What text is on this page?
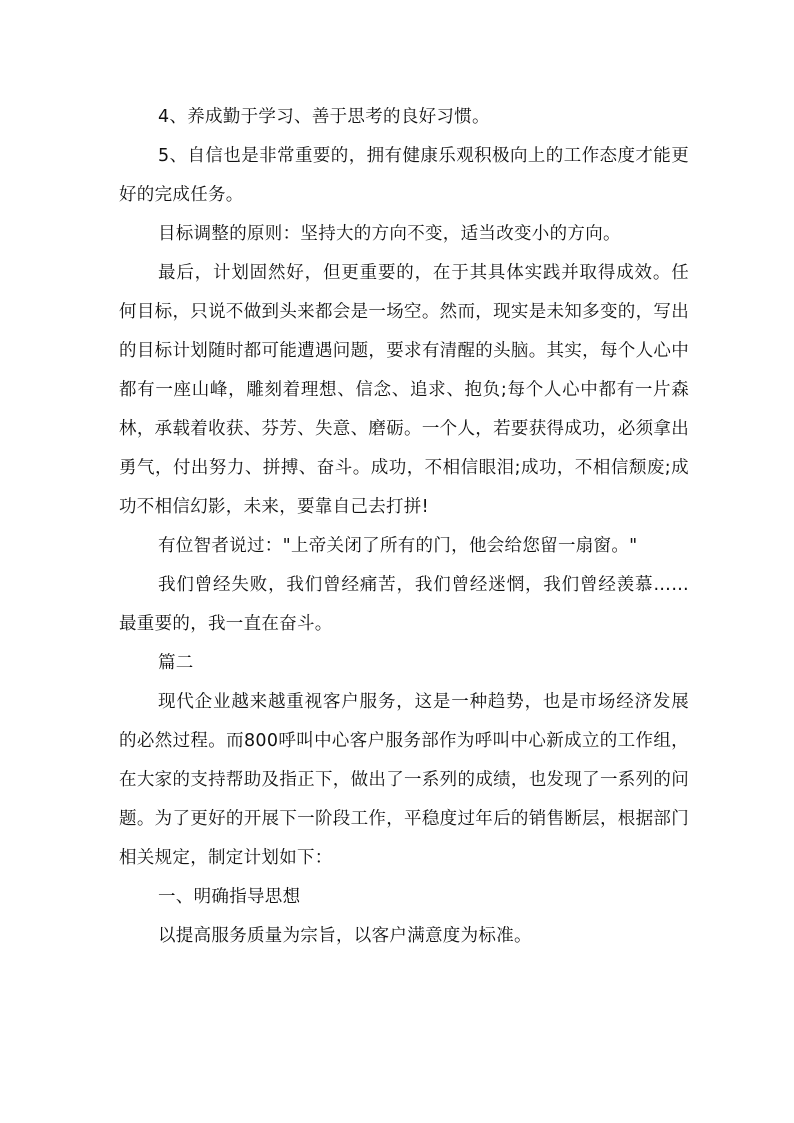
4、养成勤于学习、善于思考的良好习惯。

5、自信也是非常重要的，拥有健康乐观积极向上的工作态度才能更好的完成任务。

目标调整的原则：坚持大的方向不变，适当改变小的方向。

最后，计划固然好，但更重要的，在于其具体实践并取得成效。任何目标，只说不做到头来都会是一场空。然而，现实是未知多变的，写出的目标计划随时都可能遭遇问题，要求有清醒的头脑。其实，每个人心中都有一座山峰，雕刻着理想、信念、追求、抱负;每个人心中都有一片森林，承载着收获、芬芳、失意、磨砺。一个人，若要获得成功，必须拿出勇气，付出努力、拼搏、奋斗。成功，不相信眼泪;成功，不相信颓废;成功不相信幻影，未来，要靠自己去打拼!

有位智者说过："上帝关闭了所有的门，他会给您留一扇窗。"

我们曾经失败，我们曾经痛苦，我们曾经迷惘，我们曾经羡慕……最重要的，我一直在奋斗。

篇二

现代企业越来越重视客户服务，这是一种趋势，也是市场经济发展的必然过程。而800呼叫中心客户服务部作为呼叫中心新成立的工作组，在大家的支持帮助及指正下，做出了一系列的成绩，也发现了一系列的问题。为了更好的开展下一阶段工作，平稳度过年后的销售断层，根据部门相关规定，制定计划如下：

一、明确指导思想

以提高服务质量为宗旨，以客户满意度为标准。
